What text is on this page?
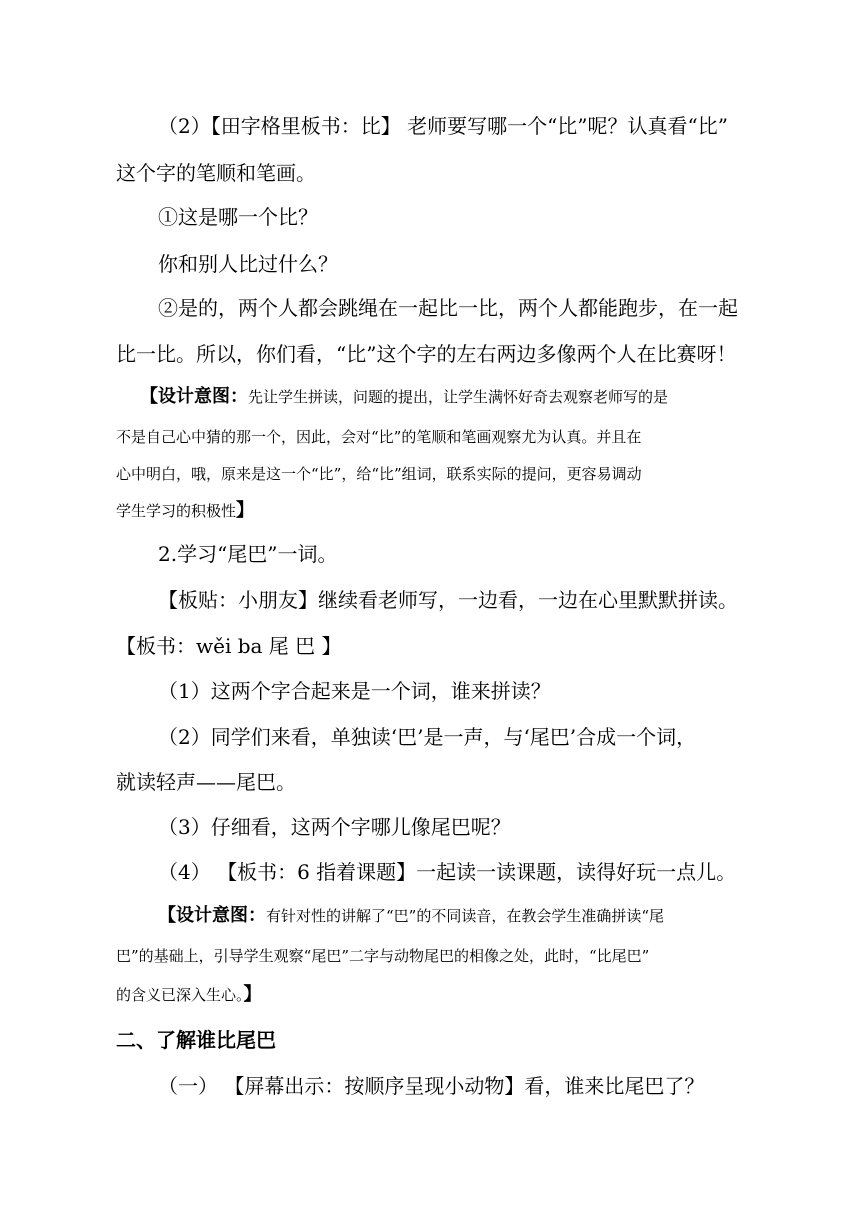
（2）【田字格里板书：比】 老师要写哪一个“比”呢？认真看“比”
这个字的笔顺和笔画。
①这是哪一个比？
你和别人比过什么？
②是的，两个人都会跳绳在一起比一比，两个人都能跑步，在一起
比一比。所以，你们看，“比”这个字的左右两边多像两个人在比赛呀！
【设计意图：先让学生拼读，问题的提出，让学生满怀好奇去观察老师写的是
不是自己心中猜的那一个，因此，会对“比”的笔顺和笔画观察尤为认真。并且在
心中明白，哦，原来是这一个“比”，给“比”组词，联系实际的提问，更容易调动
学生学习的积极性】
2.学习“尾巴”一词。
【板贴：小朋友】继续看老师写，一边看，一边在心里默默拼读。
【板书：wěi ba 尾 巴 】
（1）这两个字合起来是一个词，谁来拼读？
（2）同学们来看，单独读‘巴’是一声，与‘尾巴’合成一个词，
就读轻声——尾巴。
（3）仔细看，这两个字哪儿像尾巴呢？
（4） 【板书：6 指着课题】一起读一读课题，读得好玩一点儿。
【设计意图：有针对性的讲解了“巴”的不同读音，在教会学生准确拼读“尾
巴”的基础上，引导学生观察“尾巴”二字与动物尾巴的相像之处，此时，“比尾巴”
的含义已深入生心。】
二、了解谁比尾巴
（一） 【屏幕出示：按顺序呈现小动物】看，谁来比尾巴了？
